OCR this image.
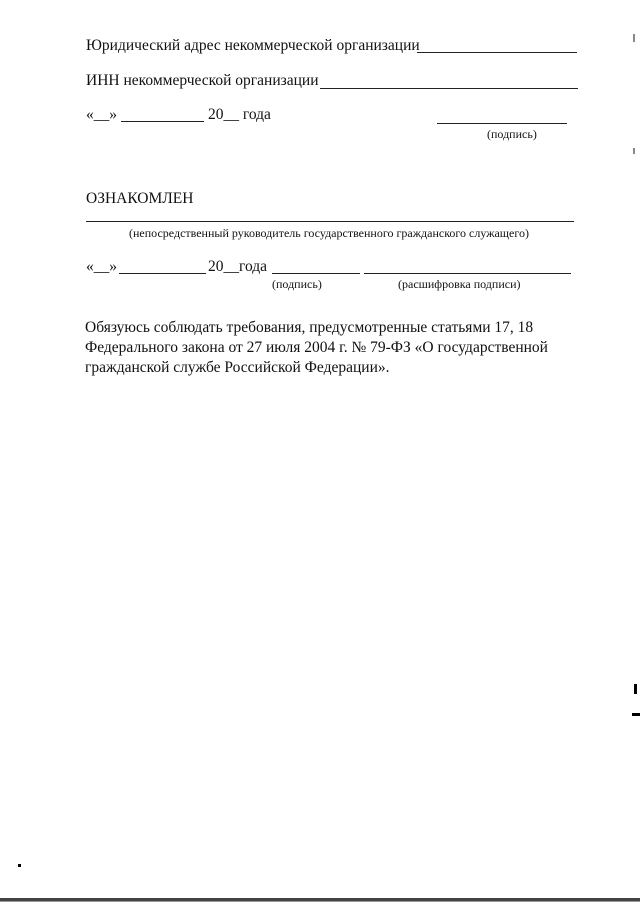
Юридический адрес некоммерческой организации
ИНН некоммерческой организации
«__»	20__ года
(подпись)
ОЗНАКОМЛЕН
(непосредственный руководитель государственного гражданского служащего)
«__»	20__года
(подпись)	(расшифровка подписи)
Обязуюсь соблюдать требования, предусмотренные статьями 17, 18 Федерального закона от 27 июля 2004 г. № 79-ФЗ «О государственной гражданской службе Российской Федерации».
